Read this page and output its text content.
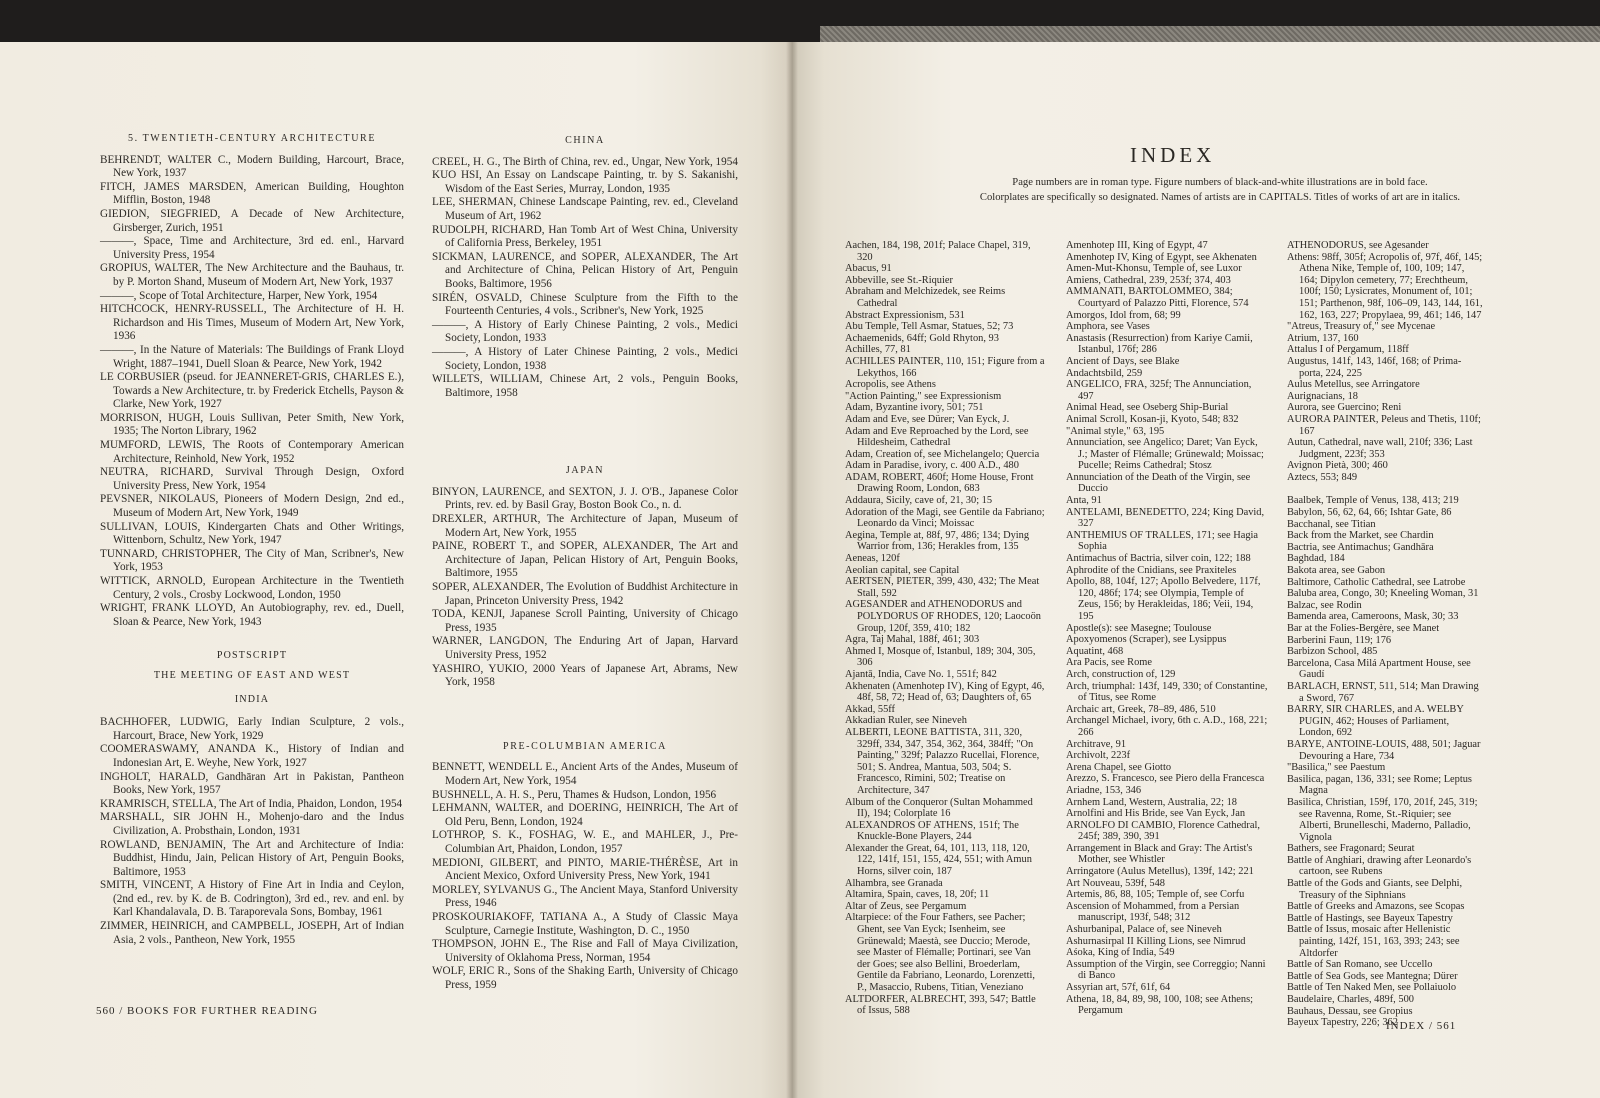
5. TWENTIETH-CENTURY ARCHITECTURE

BEHRENDT, WALTER C., Modern Building, Harcourt, Brace, New York, 1937

FITCH, JAMES MARSDEN, American Building, Houghton Mifflin, Boston, 1948

GIEDION, SIEGFRIED, A Decade of New Architecture, Girsberger, Zurich, 1951

———, Space, Time and Architecture, 3rd ed. enl., Harvard University Press, 1954

GROPIUS, WALTER, The New Architecture and the Bauhaus, tr. by P. Morton Shand, Museum of Modern Art, New York, 1937

———, Scope of Total Architecture, Harper, New York, 1954

HITCHCOCK, HENRY-RUSSELL, The Architecture of H. H. Richardson and His Times, Museum of Modern Art, New York, 1936

———, In the Nature of Materials: The Buildings of Frank Lloyd Wright, 1887–1941, Duell Sloan & Pearce, New York, 1942

LE CORBUSIER (pseud. for JEANNERET-GRIS, CHARLES E.), Towards a New Architecture, tr. by Frederick Etchells, Payson & Clarke, New York, 1927

MORRISON, HUGH, Louis Sullivan, Peter Smith, New York, 1935; The Norton Library, 1962

MUMFORD, LEWIS, The Roots of Contemporary American Architecture, Reinhold, New York, 1952

NEUTRA, RICHARD, Survival Through Design, Oxford University Press, New York, 1954

PEVSNER, NIKOLAUS, Pioneers of Modern Design, 2nd ed., Museum of Modern Art, New York, 1949

SULLIVAN, LOUIS, Kindergarten Chats and Other Writings, Wittenborn, Schultz, New York, 1947

TUNNARD, CHRISTOPHER, The City of Man, Scribner's, New York, 1953

WITTICK, ARNOLD, European Architecture in the Twentieth Century, 2 vols., Crosby Lockwood, London, 1950

WRIGHT, FRANK LLOYD, An Autobiography, rev. ed., Duell, Sloan & Pearce, New York, 1943

POSTSCRIPT
THE MEETING OF EAST AND WEST
INDIA

BACHHOFER, LUDWIG, Early Indian Sculpture, 2 vols., Harcourt, Brace, New York, 1929

COOMERASWAMY, ANANDA K., History of Indian and Indonesian Art, E. Weyhe, New York, 1927

INGHOLT, HARALD, Gandhāran Art in Pakistan, Pantheon Books, New York, 1957

KRAMRISCH, STELLA, The Art of India, Phaidon, London, 1954

MARSHALL, SIR JOHN H., Mohenjo-daro and the Indus Civilization, A. Probsthain, London, 1931

ROWLAND, BENJAMIN, The Art and Architecture of India: Buddhist, Hindu, Jain, Pelican History of Art, Penguin Books, Baltimore, 1953

SMITH, VINCENT, A History of Fine Art in India and Ceylon, (2nd ed., rev. by K. de B. Codrington), 3rd ed., rev. and enl. by Karl Khandalavala, D. B. Taraporevala Sons, Bombay, 1961

ZIMMER, HEINRICH, and CAMPBELL, JOSEPH, Art of Indian Asia, 2 vols., Pantheon, New York, 1955

CHINA

CREEL, H. G., The Birth of China, rev. ed., Ungar, New York, 1954

KUO HSI, An Essay on Landscape Painting, tr. by S. Sakanishi, Wisdom of the East Series, Murray, London, 1935

LEE, SHERMAN, Chinese Landscape Painting, rev. ed., Cleveland Museum of Art, 1962

RUDOLPH, RICHARD, Han Tomb Art of West China, University of California Press, Berkeley, 1951

SICKMAN, LAURENCE, and SOPER, ALEXANDER, The Art and Architecture of China, Pelican History of Art, Penguin Books, Baltimore, 1956

SIRÉN, OSVALD, Chinese Sculpture from the Fifth to the Fourteenth Centuries, 4 vols., Scribner's, New York, 1925

———, A History of Early Chinese Painting, 2 vols., Medici Society, London, 1933

———, A History of Later Chinese Painting, 2 vols., Medici Society, London, 1938

WILLETS, WILLIAM, Chinese Art, 2 vols., Penguin Books, Baltimore, 1958

JAPAN

BINYON, LAURENCE, and SEXTON, J. J. O'B., Japanese Color Prints, rev. ed. by Basil Gray, Boston Book Co., n. d.

DREXLER, ARTHUR, The Architecture of Japan, Museum of Modern Art, New York, 1955

PAINE, ROBERT T., and SOPER, ALEXANDER, The Art and Architecture of Japan, Pelican History of Art, Penguin Books, Baltimore, 1955

SOPER, ALEXANDER, The Evolution of Buddhist Architecture in Japan, Princeton University Press, 1942

TODA, KENJI, Japanese Scroll Painting, University of Chicago Press, 1935

WARNER, LANGDON, The Enduring Art of Japan, Harvard University Press, 1952

YASHIRO, YUKIO, 2000 Years of Japanese Art, Abrams, New York, 1958

PRE-COLUMBIAN AMERICA

BENNETT, WENDELL E., Ancient Arts of the Andes, Museum of Modern Art, New York, 1954

BUSHNELL, A. H. S., Peru, Thames & Hudson, London, 1956

LEHMANN, WALTER, and DOERING, HEINRICH, The Art of Old Peru, Benn, London, 1924

LOTHROP, S. K., FOSHAG, W. E., and MAHLER, J., Pre-Columbian Art, Phaidon, London, 1957

MEDIONI, GILBERT, and PINTO, MARIE-THÉRÈSE, Art in Ancient Mexico, Oxford University Press, New York, 1941

MORLEY, SYLVANUS G., The Ancient Maya, Stanford University Press, 1946

PROSKOURIAKOFF, TATIANA A., A Study of Classic Maya Sculpture, Carnegie Institute, Washington, D. C., 1950

THOMPSON, JOHN E., The Rise and Fall of Maya Civilization, University of Oklahoma Press, Norman, 1954

WOLF, ERIC R., Sons of the Shaking Earth, University of Chicago Press, 1959

560 / BOOKS FOR FURTHER READING
INDEX
Page numbers are in roman type. Figure numbers of black-and-white illustrations are in bold face.
Colorplates are specifically so designated. Names of artists are in CAPITALS. Titles of works of art are in italics.

Aachen, 184, 198, 201f; Palace Chapel, 319, 320

Abacus, 91

Abbeville, see St.-Riquier

Abraham and Melchizedek, see Reims Cathedral

Abstract Expressionism, 531

Abu Temple, Tell Asmar, Statues, 52; 73

Achaemenids, 64ff; Gold Rhyton, 93

Achilles, 77, 81

ACHILLES PAINTER, 110, 151; Figure from a Lekythos, 166

Acropolis, see Athens

"Action Painting," see Expressionism

Adam, Byzantine ivory, 501; 751

Adam and Eve, see Dürer; Van Eyck, J.

Adam and Eve Reproached by the Lord, see Hildesheim, Cathedral

Adam, Creation of, see Michelangelo; Quercia

Adam in Paradise, ivory, c. 400 A.D., 480

ADAM, ROBERT, 460f; Home House, Front Drawing Room, London, 683

Addaura, Sicily, cave of, 21, 30; 15

Adoration of the Magi, see Gentile da Fabriano; Leonardo da Vinci; Moissac

Aegina, Temple at, 88f, 97, 486; 134; Dying Warrior from, 136; Herakles from, 135

Aeneas, 120f

Aeolian capital, see Capital

AERTSEN, PIETER, 399, 430, 432; The Meat Stall, 592

AGESANDER and ATHENODORUS and POLYDORUS OF RHODES, 120; Laocoön Group, 120f, 359, 410; 182

Agra, Taj Mahal, 188f, 461; 303

Ahmed I, Mosque of, Istanbul, 189; 304, 305, 306

Ajantā, India, Cave No. 1, 551f; 842

Akhenaten (Amenhotep IV), King of Egypt, 46, 48f, 58, 72; Head of, 63; Daughters of, 65

Akkad, 55ff

Akkadian Ruler, see Nineveh

ALBERTI, LEONE BATTISTA, 311, 320, 329ff, 334, 347, 354, 362, 364, 384ff; "On Painting," 329f; Palazzo Rucellai, Florence, 501; S. Andrea, Mantua, 503, 504; S. Francesco, Rimini, 502; Treatise on Architecture, 347

Album of the Conqueror (Sultan Mohammed II), 194; Colorplate 16

ALEXANDROS OF ATHENS, 151f; The Knuckle-Bone Players, 244

Alexander the Great, 64, 101, 113, 118, 120, 122, 141f, 151, 155, 424, 551; with Amun Horns, silver coin, 187

Alhambra, see Granada

Altamira, Spain, caves, 18, 20f; 11

Altar of Zeus, see Pergamum

Altarpiece: of the Four Fathers, see Pacher; Ghent, see Van Eyck; Isenheim, see Grünewald; Maestà, see Duccio; Merode, see Master of Flémalle; Portinari, see Van der Goes; see also Bellini, Broederlam, Gentile da Fabriano, Leonardo, Lorenzetti, P., Masaccio, Rubens, Titian, Veneziano

ALTDORFER, ALBRECHT, 393, 547; Battle of Issus, 588

Amenhotep III, King of Egypt, 47

Amenhotep IV, King of Egypt, see Akhenaten

Amen-Mut-Khonsu, Temple of, see Luxor

Amiens, Cathedral, 239, 253f; 374, 403

AMMANATI, BARTOLOMMEO, 384; Courtyard of Palazzo Pitti, Florence, 574

Amorgos, Idol from, 68; 99

Amphora, see Vases

Anastasis (Resurrection) from Kariye Camii, Istanbul, 176f; 286

Ancient of Days, see Blake

Andachtsbild, 259

ANGELICO, FRA, 325f; The Annunciation, 497

Animal Head, see Oseberg Ship-Burial

Animal Scroll, Kosan-ji, Kyoto, 548; 832

"Animal style," 63, 195

Annunciation, see Angelico; Daret; Van Eyck, J.; Master of Flémalle; Grünewald; Moissac; Pucelle; Reims Cathedral; Stosz

Annunciation of the Death of the Virgin, see Duccio

Anta, 91

ANTELAMI, BENEDETTO, 224; King David, 327

ANTHEMIUS OF TRALLES, 171; see Hagia Sophia

Antimachus of Bactria, silver coin, 122; 188

Aphrodite of the Cnidians, see Praxiteles

Apollo, 88, 104f, 127; Apollo Belvedere, 117f, 120, 486f; 174; see Olympia, Temple of Zeus, 156; by Herakleidas, 186; Veii, 194, 195

Apostle(s): see Masegne; Toulouse

Apoxyomenos (Scraper), see Lysippus

Aquatint, 468

Ara Pacis, see Rome

Arch, construction of, 129

Arch, triumphal: 143f, 149, 330; of Constantine, of Titus, see Rome

Archaic art, Greek, 78–89, 486, 510

Archangel Michael, ivory, 6th c. A.D., 168, 221; 266

Architrave, 91

Archivolt, 223f

Arena Chapel, see Giotto

Arezzo, S. Francesco, see Piero della Francesca

Ariadne, 153, 346

Arnhem Land, Western, Australia, 22; 18

Arnolfini and His Bride, see Van Eyck, Jan

ARNOLFO DI CAMBIO, Florence Cathedral, 245f; 389, 390, 391

Arrangement in Black and Gray: The Artist's Mother, see Whistler

Arringatore (Aulus Metellus), 139f, 142; 221

Art Nouveau, 539f, 548

Artemis, 86, 88, 105; Temple of, see Corfu

Ascension of Mohammed, from a Persian manuscript, 193f, 548; 312

Ashurbanipal, Palace of, see Nineveh

Ashurnasirpal II Killing Lions, see Nimrud

Aśoka, King of India, 549

Assumption of the Virgin, see Correggio; Nanni di Banco

Assyrian art, 57f, 61f, 64

Athena, 18, 84, 89, 98, 100, 108; see Athens; Pergamum

ATHENODORUS, see Agesander

Athens: 98ff, 305f; Acropolis of, 97f, 46f, 145; Athena Nike, Temple of, 100, 109; 147, 164; Dipylon cemetery, 77; Erechtheum, 100f; 150; Lysicrates, Monument of, 101; 151; Parthenon, 98f, 106–09, 143, 144, 161, 162, 163, 227; Propylaea, 99, 461; 146, 147

"Atreus, Treasury of," see Mycenae

Atrium, 137, 160

Attalus I of Pergamum, 118ff

Augustus, 141f, 143, 146f, 168; of Prima-porta, 224, 225

Aulus Metellus, see Arringatore

Aurignacians, 18

Aurora, see Guercino; Reni

AURORA PAINTER, Peleus and Thetis, 110f; 167

Autun, Cathedral, nave wall, 210f; 336; Last Judgment, 223f; 353

Avignon Pietà, 300; 460

Aztecs, 553; 849

Baalbek, Temple of Venus, 138, 413; 219

Babylon, 56, 62, 64, 66; Ishtar Gate, 86

Bacchanal, see Titian

Back from the Market, see Chardin

Bactria, see Antimachus; Gandhāra

Baghdad, 184

Bakota area, see Gabon

Baltimore, Catholic Cathedral, see Latrobe

Baluba area, Congo, 30; Kneeling Woman, 31

Balzac, see Rodin

Bamenda area, Cameroons, Mask, 30; 33

Bar at the Folies-Bergère, see Manet

Barberini Faun, 119; 176

Barbizon School, 485

Barcelona, Casa Milá Apartment House, see Gaudí

BARLACH, ERNST, 511, 514; Man Drawing a Sword, 767

BARRY, SIR CHARLES, and A. WELBY PUGIN, 462; Houses of Parliament, London, 692

BARYE, ANTOINE-LOUIS, 488, 501; Jaguar Devouring a Hare, 734

"Basilica," see Paestum

Basilica, pagan, 136, 331; see Rome; Leptus Magna

Basilica, Christian, 159f, 170, 201f, 245, 319; see Ravenna, Rome, St.-Riquier; see Alberti, Brunelleschi, Maderno, Palladio, Vignola

Bathers, see Fragonard; Seurat

Battle of Anghiari, drawing after Leonardo's cartoon, see Rubens

Battle of the Gods and Giants, see Delphi, Treasury of the Siphnians

Battle of Greeks and Amazons, see Scopas

Battle of Hastings, see Bayeux Tapestry

Battle of Issus, mosaic after Hellenistic painting, 142f, 151, 163, 393; 243; see Altdorfer

Battle of San Romano, see Uccello

Battle of Sea Gods, see Mantegna; Dürer

Battle of Ten Naked Men, see Pollaiuolo

Baudelaire, Charles, 489f, 500

Bauhaus, Dessau, see Gropius

Bayeux Tapestry, 226; 362

INDEX / 561
